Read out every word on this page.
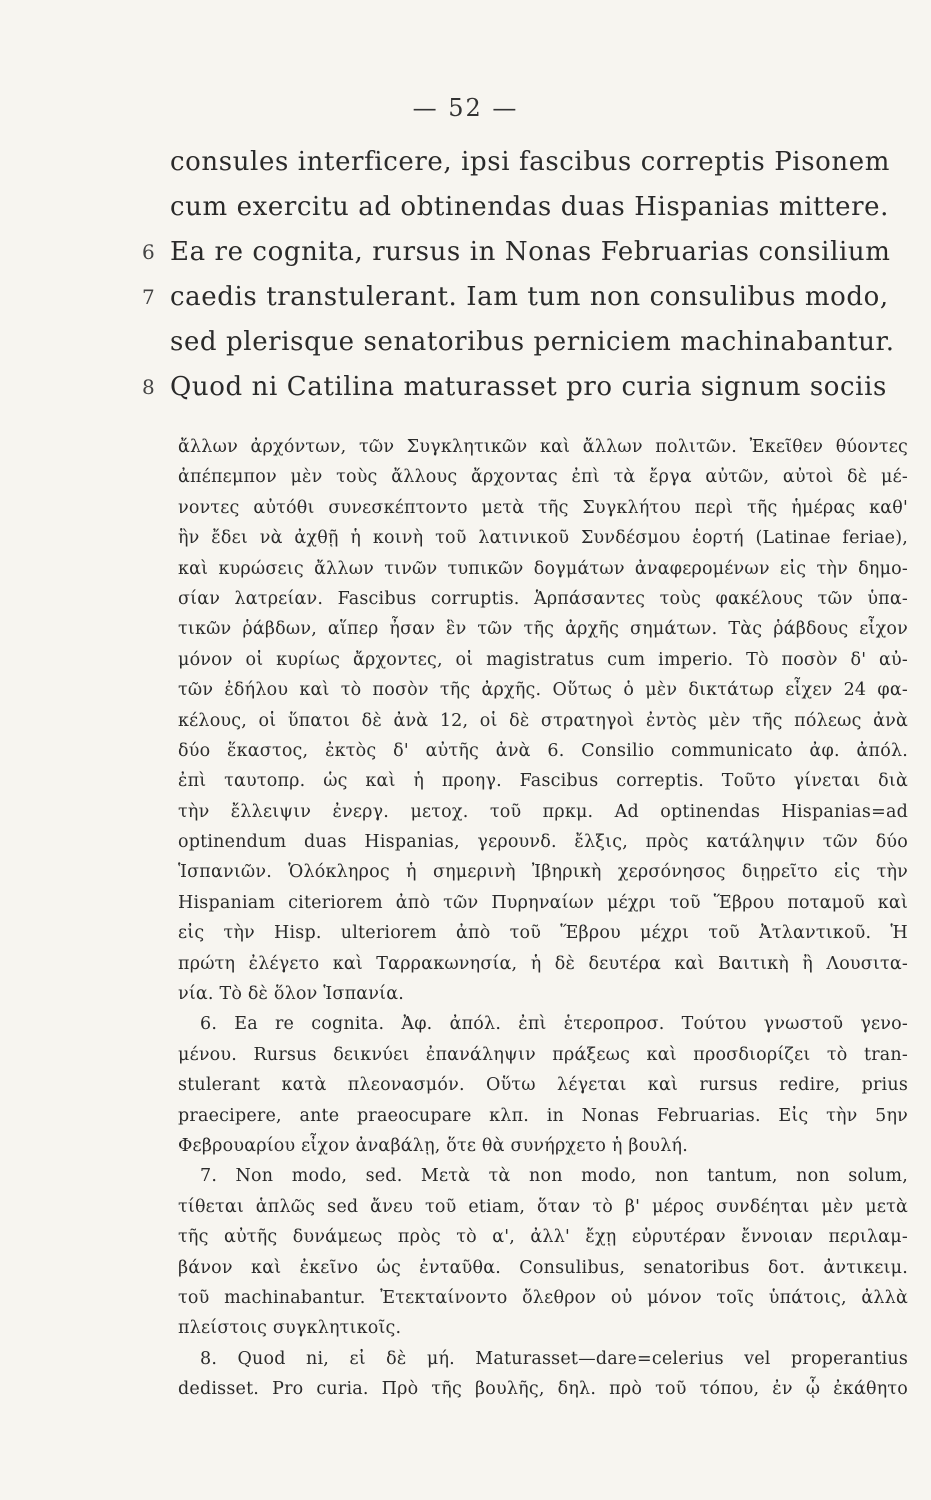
— 52 —
consules interficere, ipsi fascibus correptis Pisonem
cum exercitu ad obtinendas duas Hispanias mittere.
6 Ea re cognita, rursus in Nonas Februarias consilium
7 caedis transtulerant. Iam tum non consulibus modo,
sed plerisque senatoribus perniciem machinabantur.
8 Quod ni Catilina maturasset pro curia signum sociis
ἄλλων ἀρχόντων, τῶν Συγκλητικῶν καὶ ἄλλων πολιτῶν. Ἐκεῖθεν θύοντες
ἀπέπεμπον μὲν τοὺς ἄλλους ἄρχοντας ἐπὶ τὰ ἔργα αὐτῶν, αὐτοὶ δὲ μέ-
νοντες αὐτόθι συνεσκέπτοντο μετὰ τῆς Συγκλήτου περὶ τῆς ἡμέρας καθ'
ἣν ἔδει νὰ ἀχθῇ ἡ κοινὴ τοῦ λατινικοῦ Συνδέσμου ἑορτή (Latinae feriae),
καὶ κυρώσεις ἄλλων τινῶν τυπικῶν δογμάτων ἀναφερομένων εἰς τὴν δημο-
σίαν λατρείαν. Fascibus corruptis. Ἁρπάσαντες τοὺς φακέλους τῶν ὑπα-
τικῶν ῥάβδων, αἵπερ ἦσαν ἓν τῶν τῆς ἀρχῆς σημάτων. Τὰς ῥάβδους εἶχον
μόνον οἱ κυρίως ἄρχοντες, οἱ magistratus cum imperio. Τὸ ποσὸν δ' αὐ-
τῶν ἐδήλου καὶ τὸ ποσὸν τῆς ἀρχῆς. Οὕτως ὁ μὲν δικτάτωρ εἶχεν 24 φα-
κέλους, οἱ ὕπατοι δὲ ἀνὰ 12, οἱ δὲ στρατηγοὶ ἐντὸς μὲν τῆς πόλεως ἀνὰ
δύο ἕκαστος, ἐκτὸς δ' αὐτῆς ἀνὰ 6. Consilio communicato ἀφ. ἀπόλ.
ἐπὶ ταυτοπρ. ὡς καὶ ἡ προηγ. Fascibus correptis. Τοῦτο γίνεται διὰ
τὴν ἔλλειψιν ἐνεργ. μετοχ. τοῦ πρκμ. Ad optinendas Hispanias=ad
optinendum duas Hispanias, γερουνδ. ἔλξις, πρὸς κατάληψιν τῶν δύο
Ἱσπανιῶν. Ὁλόκληρος ἡ σημερινὴ Ἰβηρικὴ χερσόνησος διῃρεῖτο εἰς τὴν
Hispaniam citeriorem ἀπὸ τῶν Πυρηναίων μέχρι τοῦ Ἕβρου ποταμοῦ καὶ
εἰς τὴν Hisp. ulteriorem ἀπὸ τοῦ Ἕβρου μέχρι τοῦ Ἀτλαντικοῦ. Ἡ
πρώτη ἐλέγετο καὶ Ταρρακωνησία, ἡ δὲ δευτέρα καὶ Βαιτικὴ ἢ Λουσιτα-
νία. Τὸ δὲ ὅλον Ἱσπανία.
6. Ea re cognita. Ἀφ. ἀπόλ. ἐπὶ ἑτεροπροσ. Τούτου γνωστοῦ γενο-
μένου. Rursus δεικνύει ἐπανάληψιν πράξεως καὶ προσδιορίζει τὸ tran-
stulerant κατὰ πλεονασμόν. Οὕτω λέγεται καὶ rursus redire, prius
praecipere, ante praeocupare κλπ. in Nonas Februarias. Εἰς τὴν 5ην
Φεβρουαρίου εἶχον ἀναβάλῃ, ὅτε θὰ συνήρχετο ἡ βουλή.
7. Non modo, sed. Μετὰ τὰ non modo, non tantum, non solum,
τίθεται ἁπλῶς sed ἄνευ τοῦ etiam, ὅταν τὸ β' μέρος συνδέηται μὲν μετὰ
τῆς αὐτῆς δυνάμεως πρὸς τὸ α', ἀλλ' ἔχῃ εὐρυτέραν ἔννοιαν περιλαμ-
βάνον καὶ ἐκεῖνο ὡς ἐνταῦθα. Consulibus, senatoribus δοτ. ἀντικειμ.
τοῦ machinabantur. Ἐτεκταίνοντο ὄλεθρον οὐ μόνον τοῖς ὑπάτοις, ἀλλὰ
πλείστοις συγκλητικοῖς.
8. Quod ni, εἰ δὲ μή. Maturasset—dare=celerius vel properantius
dedisset. Pro curia. Πρὸ τῆς βουλῆς, δηλ. πρὸ τοῦ τόπου, ἐν ᾧ ἐκάθητο
